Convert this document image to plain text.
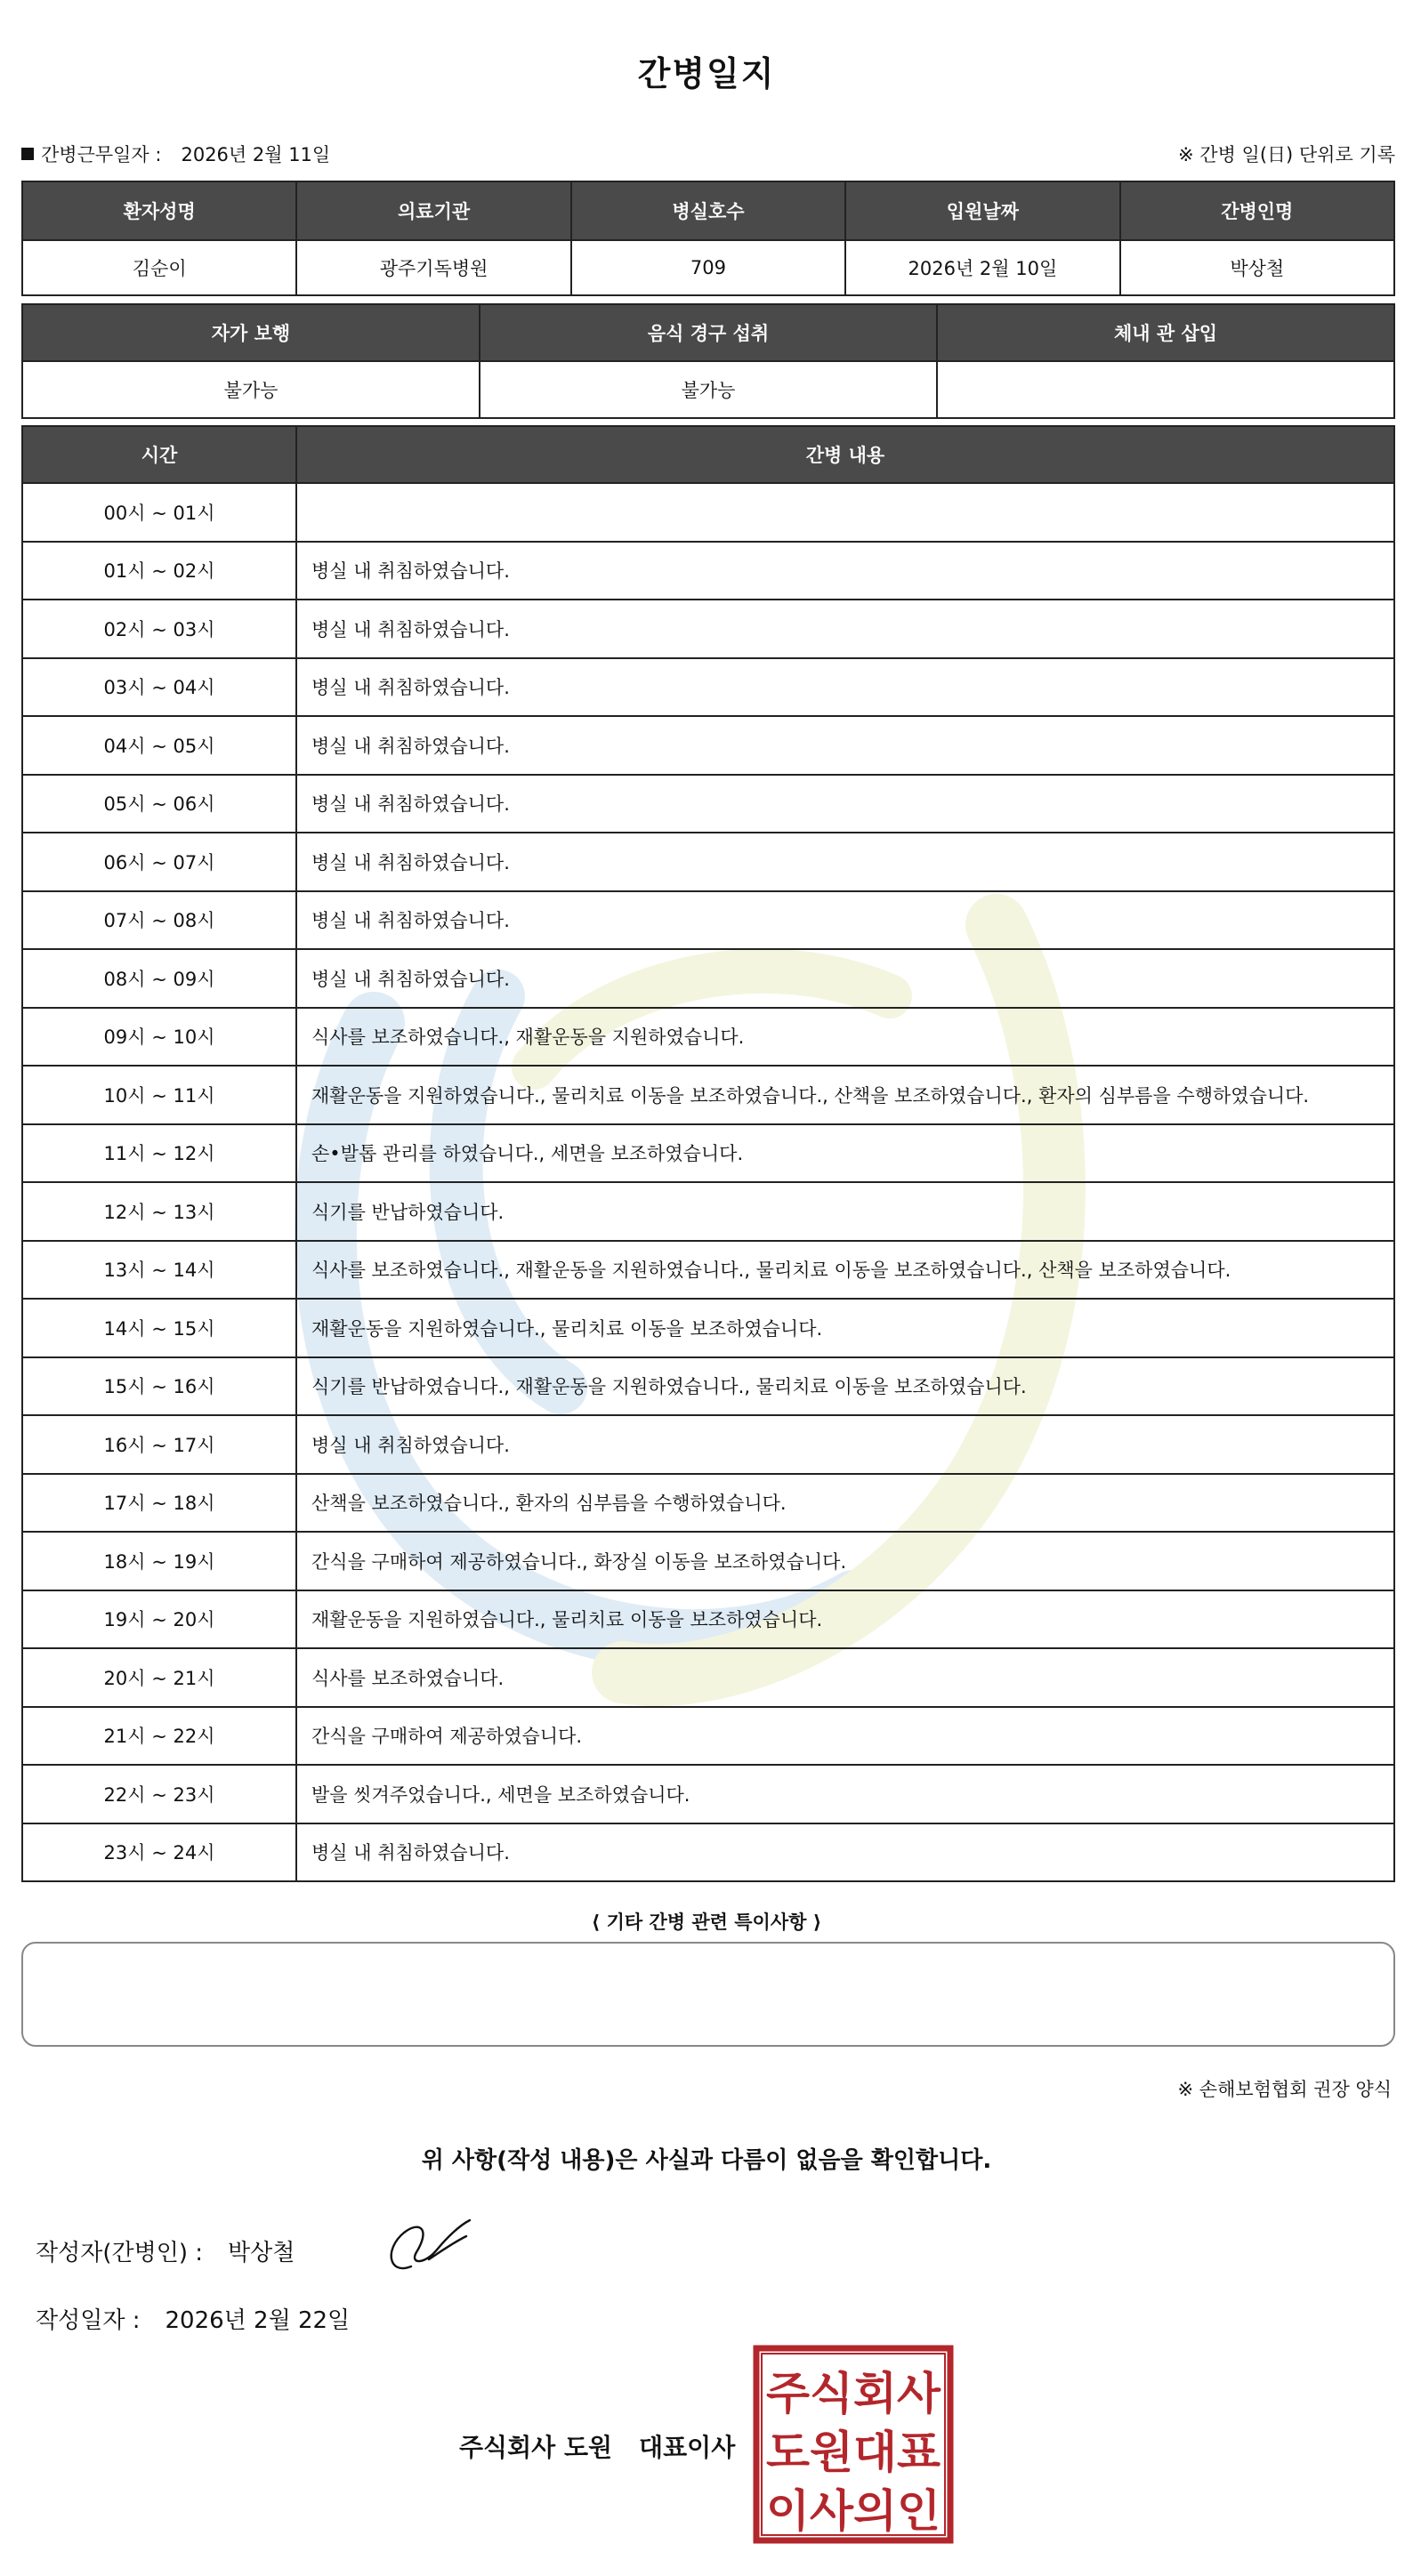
간병일지
간병근무일자 : 2026년 2월 11일	※ 간병 일(日) 단위로 기록
환자성명	의료기관	병실호수	입원날짜	간병인명
김순이	광주기독병원	709	2026년 2월 10일	박상철
자가 보행	음식 경구 섭취	체내 관 삽입
불가능	불가능	
시간	간병 내용
00시 ~ 01시	
01시 ~ 02시	병실 내 취침하였습니다.
02시 ~ 03시	병실 내 취침하였습니다.
03시 ~ 04시	병실 내 취침하였습니다.
04시 ~ 05시	병실 내 취침하였습니다.
05시 ~ 06시	병실 내 취침하였습니다.
06시 ~ 07시	병실 내 취침하였습니다.
07시 ~ 08시	병실 내 취침하였습니다.
08시 ~ 09시	병실 내 취침하였습니다.
09시 ~ 10시	식사를 보조하였습니다., 재활운동을 지원하였습니다.
10시 ~ 11시	재활운동을 지원하였습니다., 물리치료 이동을 보조하였습니다., 산책을 보조하였습니다., 환자의 심부름을 수행하였습니다.
11시 ~ 12시	손•발톱 관리를 하였습니다., 세면을 보조하였습니다.
12시 ~ 13시	식기를 반납하였습니다.
13시 ~ 14시	식사를 보조하였습니다., 재활운동을 지원하였습니다., 물리치료 이동을 보조하였습니다., 산책을 보조하였습니다.
14시 ~ 15시	재활운동을 지원하였습니다., 물리치료 이동을 보조하였습니다.
15시 ~ 16시	식기를 반납하였습니다., 재활운동을 지원하였습니다., 물리치료 이동을 보조하였습니다.
16시 ~ 17시	병실 내 취침하였습니다.
17시 ~ 18시	산책을 보조하였습니다., 환자의 심부름을 수행하였습니다.
18시 ~ 19시	간식을 구매하여 제공하였습니다., 화장실 이동을 보조하였습니다.
19시 ~ 20시	재활운동을 지원하였습니다., 물리치료 이동을 보조하였습니다.
20시 ~ 21시	식사를 보조하였습니다.
21시 ~ 22시	간식을 구매하여 제공하였습니다.
22시 ~ 23시	발을 씻겨주었습니다., 세면을 보조하였습니다.
23시 ~ 24시	병실 내 취침하였습니다.
⟨ 기타 간병 관련 특이사항 ⟩
※ 손해보험협회 권장 양식
위 사항(작성 내용)은 사실과 다름이 없음을 확인합니다.
작성자(간병인) : 박상철
작성일자 : 2026년 2월 22일
주식회사 도원 대표이사
주식회사
도원대표
이사의인
